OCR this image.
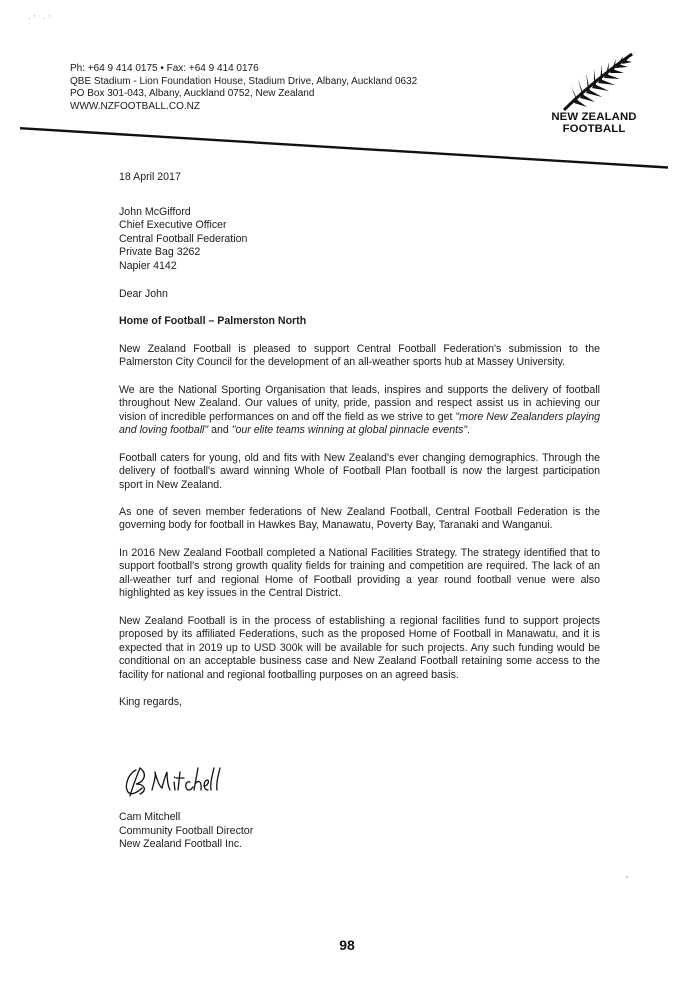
·' ·'
Ph: +64 9 414 0175 • Fax: +64 9 414 0176
QBE Stadium - Lion Foundation House, Stadium Drive, Albany, Auckland 0632
PO Box 301-043, Albany, Auckland 0752, New Zealand
WWW.NZFOOTBALL.CO.NZ
NEW ZEALAND
FOOTBALL

18 April 2017

John McGifford
Chief Executive Officer
Central Football Federation
Private Bag 3262
Napier 4142

Dear John

Home of Football – Palmerston North

New Zealand Football is pleased to support Central Football Federation's submission to the Palmerston City Council for the development of an all-weather sports hub at Massey University.

We are the National Sporting Organisation that leads, inspires and supports the delivery of football throughout New Zealand. Our values of unity, pride, passion and respect assist us in achieving our vision of incredible performances on and off the field as we strive to get "more New Zealanders playing and loving football" and "our elite teams winning at global pinnacle events".

Football caters for young, old and fits with New Zealand's ever changing demographics. Through the delivery of football's award winning Whole of Football Plan football is now the largest participation sport in New Zealand.

As one of seven member federations of New Zealand Football, Central Football Federation is the governing body for football in Hawkes Bay, Manawatu, Poverty Bay, Taranaki and Wanganui.

In 2016 New Zealand Football completed a National Facilities Strategy. The strategy identified that to support football's strong growth quality fields for training and competition are required. The lack of an all-weather turf and regional Home of Football providing a year round football venue were also highlighted as key issues in the Central District.

New Zealand Football is in the process of establishing a regional facilities fund to support projects proposed by its affiliated Federations, such as the proposed Home of Football in Manawatu, and it is expected that in 2019 up to USD 300k will be available for such projects. Any such funding would be conditional on an acceptable business case and New Zealand Football retaining some access to the facility for national and regional footballing purposes on an agreed basis.

King regards,

Cam Mitchell
Community Football Director
New Zealand Football Inc.
98
